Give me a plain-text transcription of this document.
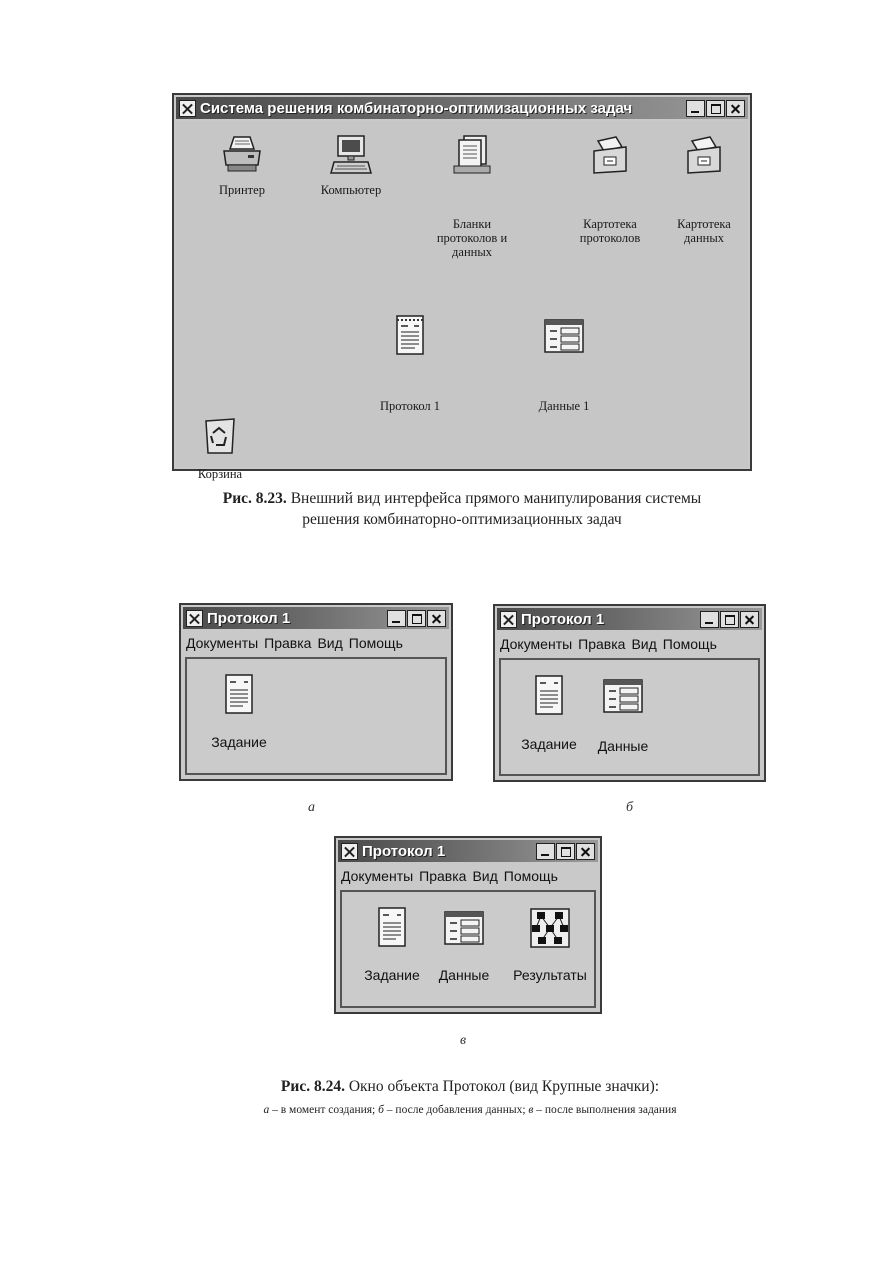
Система решения комбинаторно-оптимизационных задач
Принтер	Компьютер
Бланки протоколов и данных
Картотека протоколов
Картотека данных
Протокол 1	Данные 1
Корзина
Рис. 8.23. Внешний вид интерфейса прямого манипулирования системы
решения комбинаторно-оптимизационных задач
Протокол 1
Документы Правка Вид Помощь
Задание
а
Протокол 1
Документы Правка Вид Помощь
Задание	Данные
б
Протокол 1
Документы Правка Вид Помощь
Задание	Данные	Результаты
в
Рис. 8.24. Окно объекта Протокол (вид Крупные значки):
а – в момент создания; б – после добавления данных; в – после выполнения задания
